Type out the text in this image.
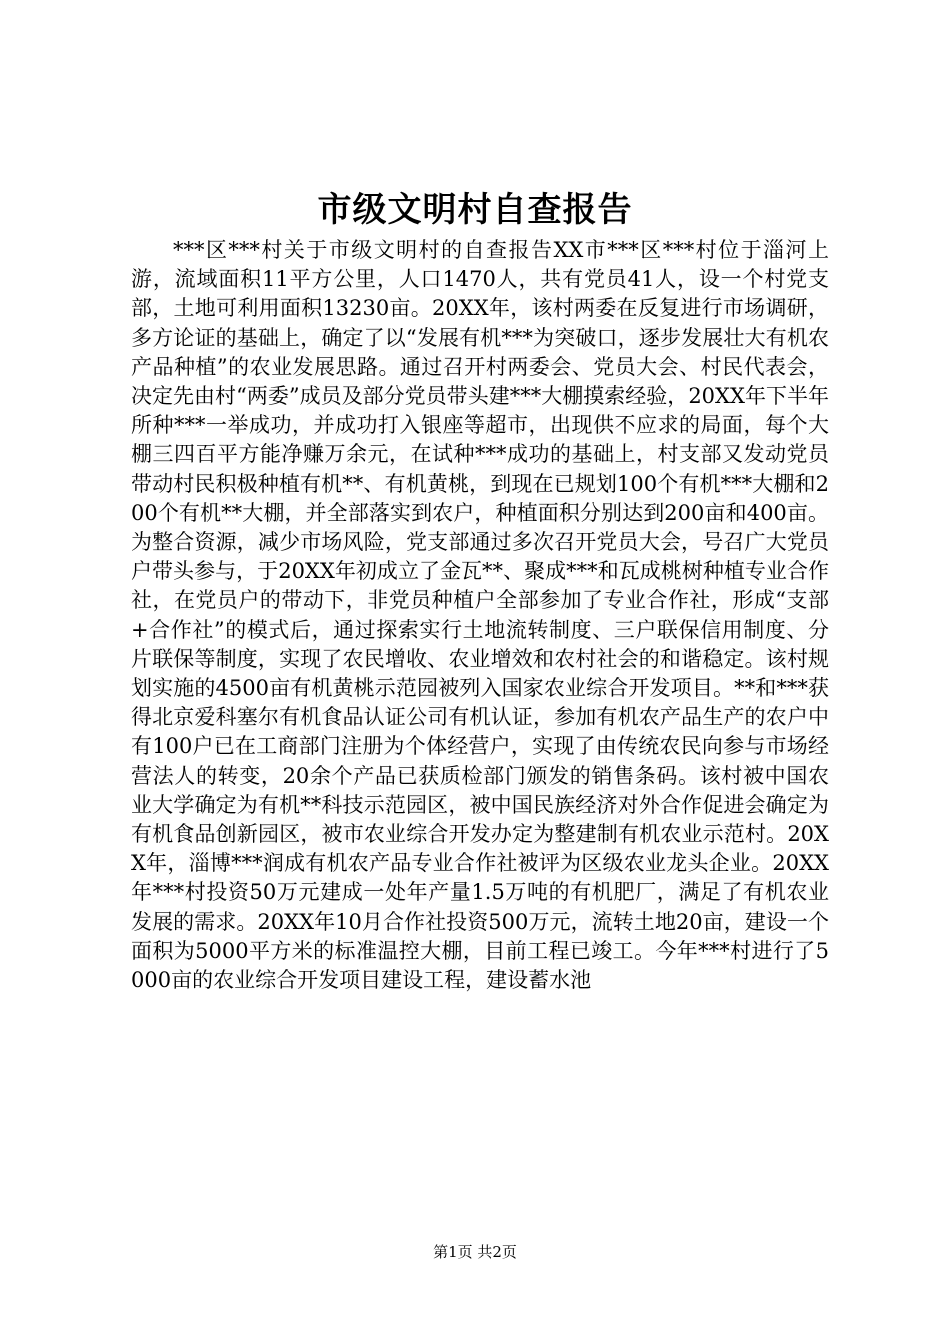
市级文明村自查报告

***区***村关于市级文明村的自查报告XX市***区***村位于淄河上游，流域面积11平方公里，人口1470人，共有党员41人，设一个村党支部，土地可利用面积13230亩。20XX年，该村两委在反复进行市场调研，多方论证的基础上，确定了以“发展有机***为突破口，逐步发展壮大有机农产品种植”的农业发展思路。通过召开村两委会、党员大会、村民代表会，决定先由村“两委”成员及部分党员带头建***大棚摸索经验，20XX年下半年所种***一举成功，并成功打入银座等超市，出现供不应求的局面，每个大棚三四百平方能净赚万余元，在试种***成功的基础上，村支部又发动党员带动村民积极种植有机**、有机黄桃，到现在已规划100个有机***大棚和200个有机**大棚，并全部落实到农户，种植面积分别达到200亩和400亩。为整合资源，减少市场风险，党支部通过多次召开党员大会，号召广大党员户带头参与，于20XX年初成立了金瓦**、聚成***和瓦成桃树种植专业合作社，在党员户的带动下，非党员种植户全部参加了专业合作社，形成“支部+合作社”的模式后，通过探索实行土地流转制度、三户联保信用制度、分片联保等制度，实现了农民增收、农业增效和农村社会的和谐稳定。该村规划实施的4500亩有机黄桃示范园被列入国家农业综合开发项目。**和***获得北京爱科塞尔有机食品认证公司有机认证，参加有机农产品生产的农户中有100户已在工商部门注册为个体经营户，实现了由传统农民向参与市场经营法人的转变，20余个产品已获质检部门颁发的销售条码。该村被中国农业大学确定为有机**科技示范园区，被中国民族经济对外合作促进会确定为有机食品创新园区，被市农业综合开发办定为整建制有机农业示范村。20XX年，淄博***润成有机农产品专业合作社被评为区级农业龙头企业。20XX年***村投资50万元建成一处年产量1.5万吨的有机肥厂，满足了有机农业发展的需求。20XX年10月合作社投资500万元，流转土地20亩，建设一个面积为5000平方米的标准温控大棚，目前工程已竣工。今年***村进行了5000亩的农业综合开发项目建设工程，建设蓄水池

第1页 共2页
